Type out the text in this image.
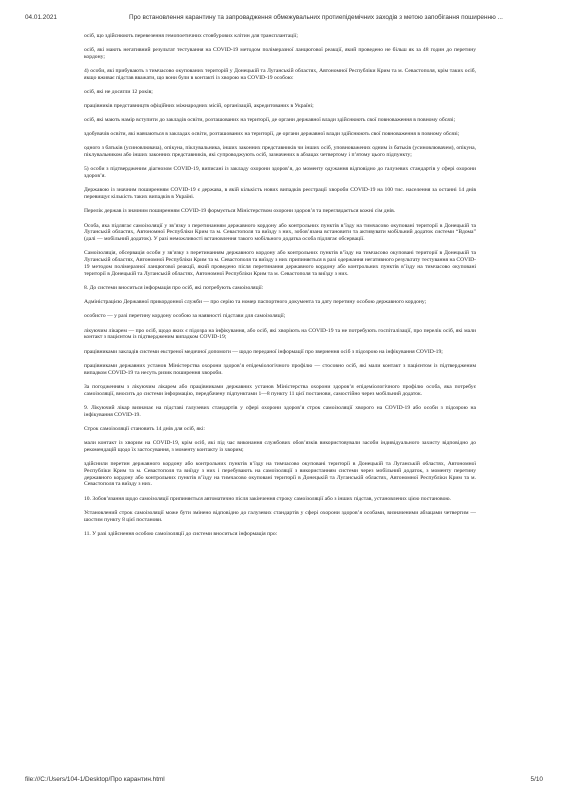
04.01.2021	Про встановлення карантину та запровадження обмежувальних протиепідемічних заходів з метою запобігання поширенню ...

осіб, що здійснюють перевезення гемопоетичних стовбурових клітин для трансплантації;

осіб, які мають негативний результат тестування на COVID-19 методом полімеразної ланцюгової реакції, який проведено не більш як за 48 годин до перетину кордону;

4) особи, які прибувають з тимчасово окупованих територій у Донецькій та Луганській областях, Автономної Республіки Крим та м. Севастополя, крім таких осіб, якщо вживає підстав вважати, що вони були в контакті із хворою на COVID-19 особою:

осіб, які не досягли 12 років;

працівників представництв офіційних міжнародних місій, організацій, акредитованих в Україні;

осіб, які мають намір вступити до закладів освіти, розташованих на території, де органи державної влади здійснюють свої повноваження в повному обсязі;

здобувачів освіти, які навчаються в закладах освіти, розташованих на території, де органи державної влади здійснюють свої повноваження в повному обсязі;

одного з батьків (усиновлювача), опікуна, піклувальника, інших законних представників чи інших осіб, уповноважених одним із батьків (усиновлювачем), опікуна, піклувальником або інших законних представників, які супроводжують осіб, зазначених в абзацах четвертому і п’ятому цього підпункту;

5) особи з підтвердженим діагнозом COVID-19, виписані із закладу охорони здоров’я, до моменту одужання відповідно до галузевих стандартів у сфері охорони здоров’я.

Державою із значним поширенням COVID-19 є держава, в якій кількість нових випадків реєстрації хвороби COVID-19 на 100 тис. населення за останні 14 днів перевищує кількість таких випадків в Україні.

Перелік держав із значним поширенням COVID-19 формується Міністерством охорони здоров’я та переглядається кожні сім днів.

Особа, яка підлягає самоізоляції у зв’язку з перетинанням державного кордону або контрольних пунктів в’їзду на тимчасово окуповані території в Донецькій та Луганській областях, Автономної Республіки Крим та м. Севастополя та виїзду з них, зобов’язана встановити та активувати мобільний додаток системи “Вдома” (далі — мобільний додаток). У разі неможливості встановлення такого мобільного додатка особа підлягає обсервації.

Самоізоляція, обсервація особи у зв’язку з перетинанням державного кордону або контрольних пунктів в’їзду на тимчасово окуповані території в Донецькій та Луганській областях, Автономної Республіки Крим та м. Севастополя та виїзду з них припиняється в разі одержання негативного результату тестування на COVID-19 методом полімеразної ланцюгової реакції, який проведено після перетинання державного кордону або контрольних пунктів в’їзду на тимчасово окуповані території в Донецькій та Луганській областях, Автономної Республіки Крим та м. Севастополя та виїзду з них.

8. До системи вноситься інформація про осіб, які потребують самоізоляції:

Адміністрацією Державної прикордонної служби — про серію та номер паспортного документа та дату перетину особою державного кордону;

особисто — у разі перетину кордону особою за наявності підстави для самоізоляції;

лікуючим лікарем — про осіб, щодо яких є підозра на інфікування, або осіб, які хворіють на COVID-19 та не потребують госпіталізації, про перелік осіб, які мали контакт з пацієнтом із підтвердженим випадком COVID-19;

працівниками закладів системи екстреної медичної допомоги — щодо переданої інформації про звернення осіб з підозрою на інфікування COVID-19;

працівниками державних установ Міністерства охорони здоров’я епідеміологічного профілю — стосовно осіб, які мали контакт з пацієнтом із підтвердженим випадком COVID-19 та несуть ризик поширення хвороби.

За погодженням з лікуючим лікарем або працівниками державних установ Міністерства охорони здоров’я епідеміологічного профілю особа, яка потребує самоізоляції, вносить до системи інформацію, передбачену підпунктами 1—8 пункту 11 цієї постанови, самостійно через мобільний додаток.

9. Лікуючий лікар визначає на підставі галузевих стандартів у сфері охорони здоров’я строк самоізоляції хворого на COVID-19 або особи з підозрою на інфікування COVID-19.

Строк самоізоляції становить 14 днів для осіб, які:

мали контакт із хворим на COVID-19, крім осіб, які під час виконання службових обов’язків використовували засоби індивідуального захисту відповідно до рекомендацій щодо їх застосування, з моменту контакту із хворим;

здійснили перетин державного кордону або контрольних пунктів в’їзду на тимчасово окуповані території в Донецькій та Луганській областях, Автономної Республіки Крим та м. Севастополя та виїзду з них і перебувають на самоізоляції з використанням системи через мобільний додаток, з моменту перетину державного кордону або контрольних пунктів в’їзду на тимчасово окуповані території в Донецькій та Луганській областях, Автономної Республіки Крим та м. Севастополя та виїзду з них.

10. Зобов’язання щодо самоізоляції припиняється автоматично після закінчення строку самоізоляції або з інших підстав, установлених цією постановою.

Установлений строк самоізоляції може бути змінено відповідно до галузевих стандартів у сфері охорони здоров’я особами, визначеними абзацами четвертим — шостим пункту 8 цієї постанови.

11. У разі здійснення особою самоізоляції до системи вноситься інформація про:

file:///C:/Users/104-1/Desktop/Про карантин.html	5/10
